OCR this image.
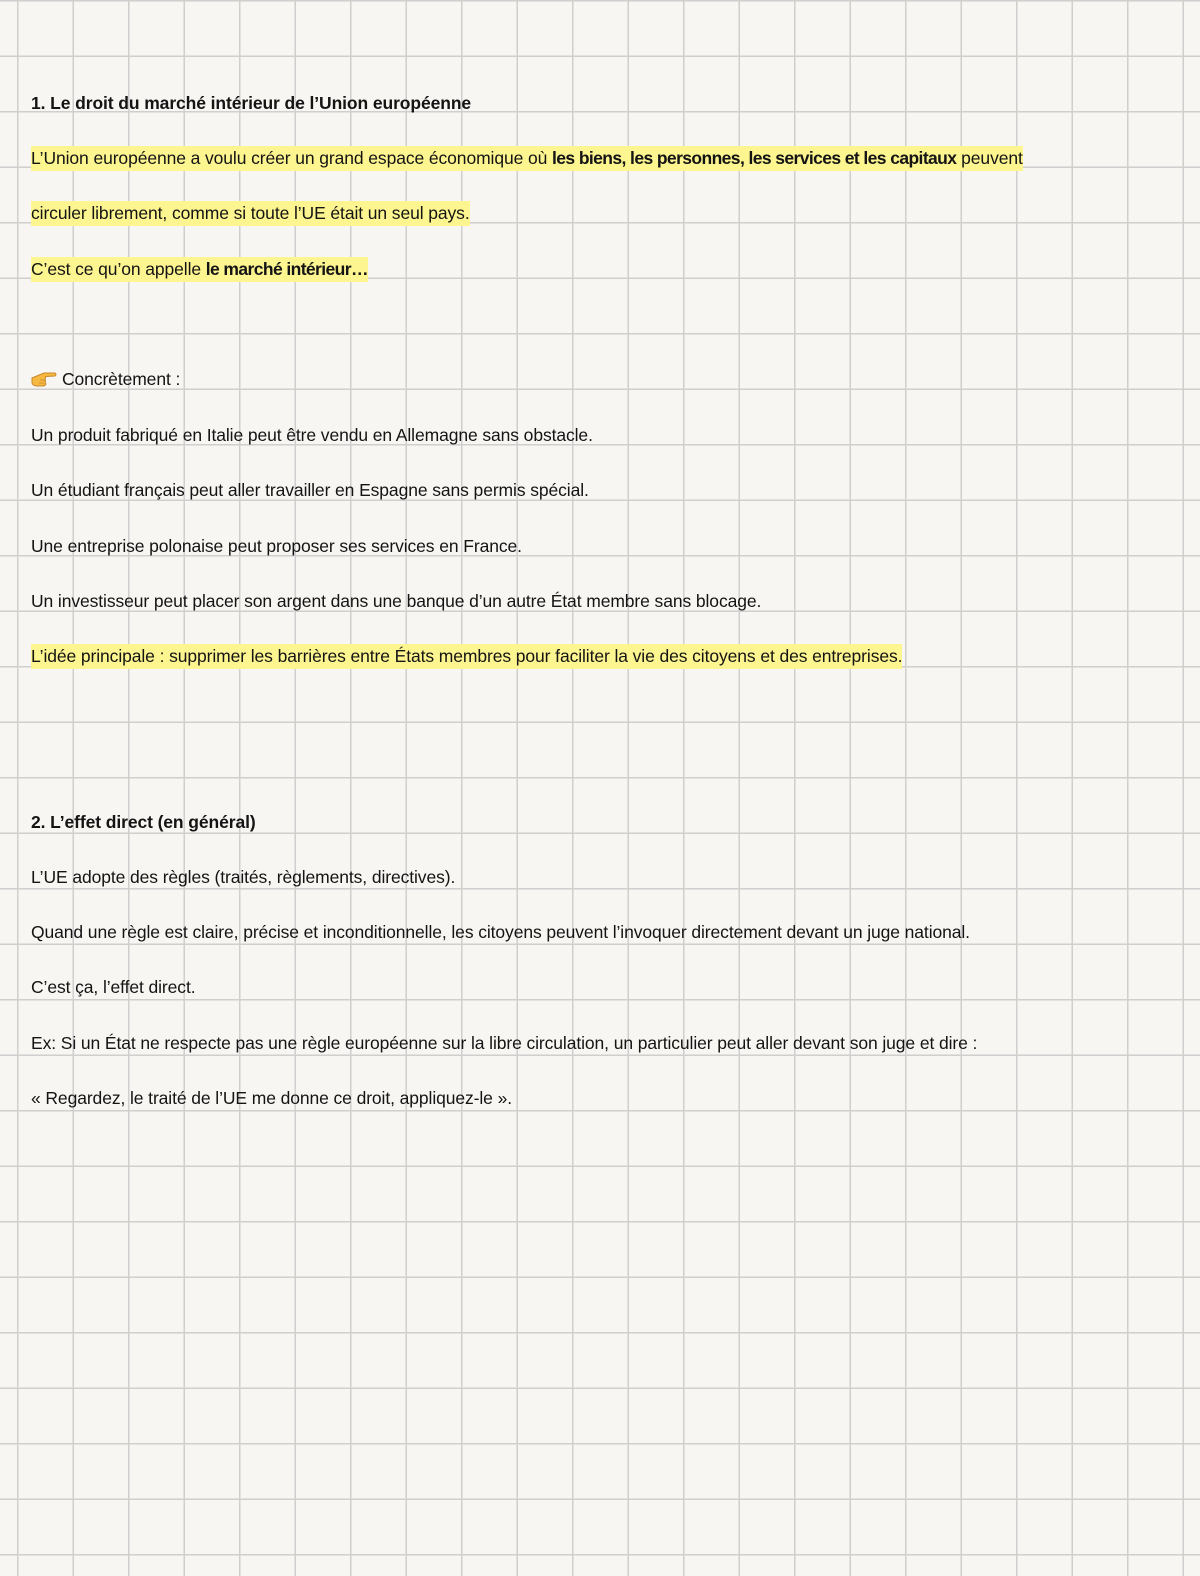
1. Le droit du marché intérieur de l’Union européenne
L’Union européenne a voulu créer un grand espace économique où les biens, les personnes, les services et les capitaux peuvent
circuler librement, comme si toute l’UE était un seul pays.
C’est ce qu’on appelle le marché intérieur…
Concrètement :
Un produit fabriqué en Italie peut être vendu en Allemagne sans obstacle.
Un étudiant français peut aller travailler en Espagne sans permis spécial.
Une entreprise polonaise peut proposer ses services en France.
Un investisseur peut placer son argent dans une banque d’un autre État membre sans blocage.
L’idée principale : supprimer les barrières entre États membres pour faciliter la vie des citoyens et des entreprises.
2. L’effet direct (en général)
L’UE adopte des règles (traités, règlements, directives).
Quand une règle est claire, précise et inconditionnelle, les citoyens peuvent l’invoquer directement devant un juge national.
C’est ça, l’effet direct.
Ex: Si un État ne respecte pas une règle européenne sur la libre circulation, un particulier peut aller devant son juge et dire :
« Regardez, le traité de l’UE me donne ce droit, appliquez-le ».
